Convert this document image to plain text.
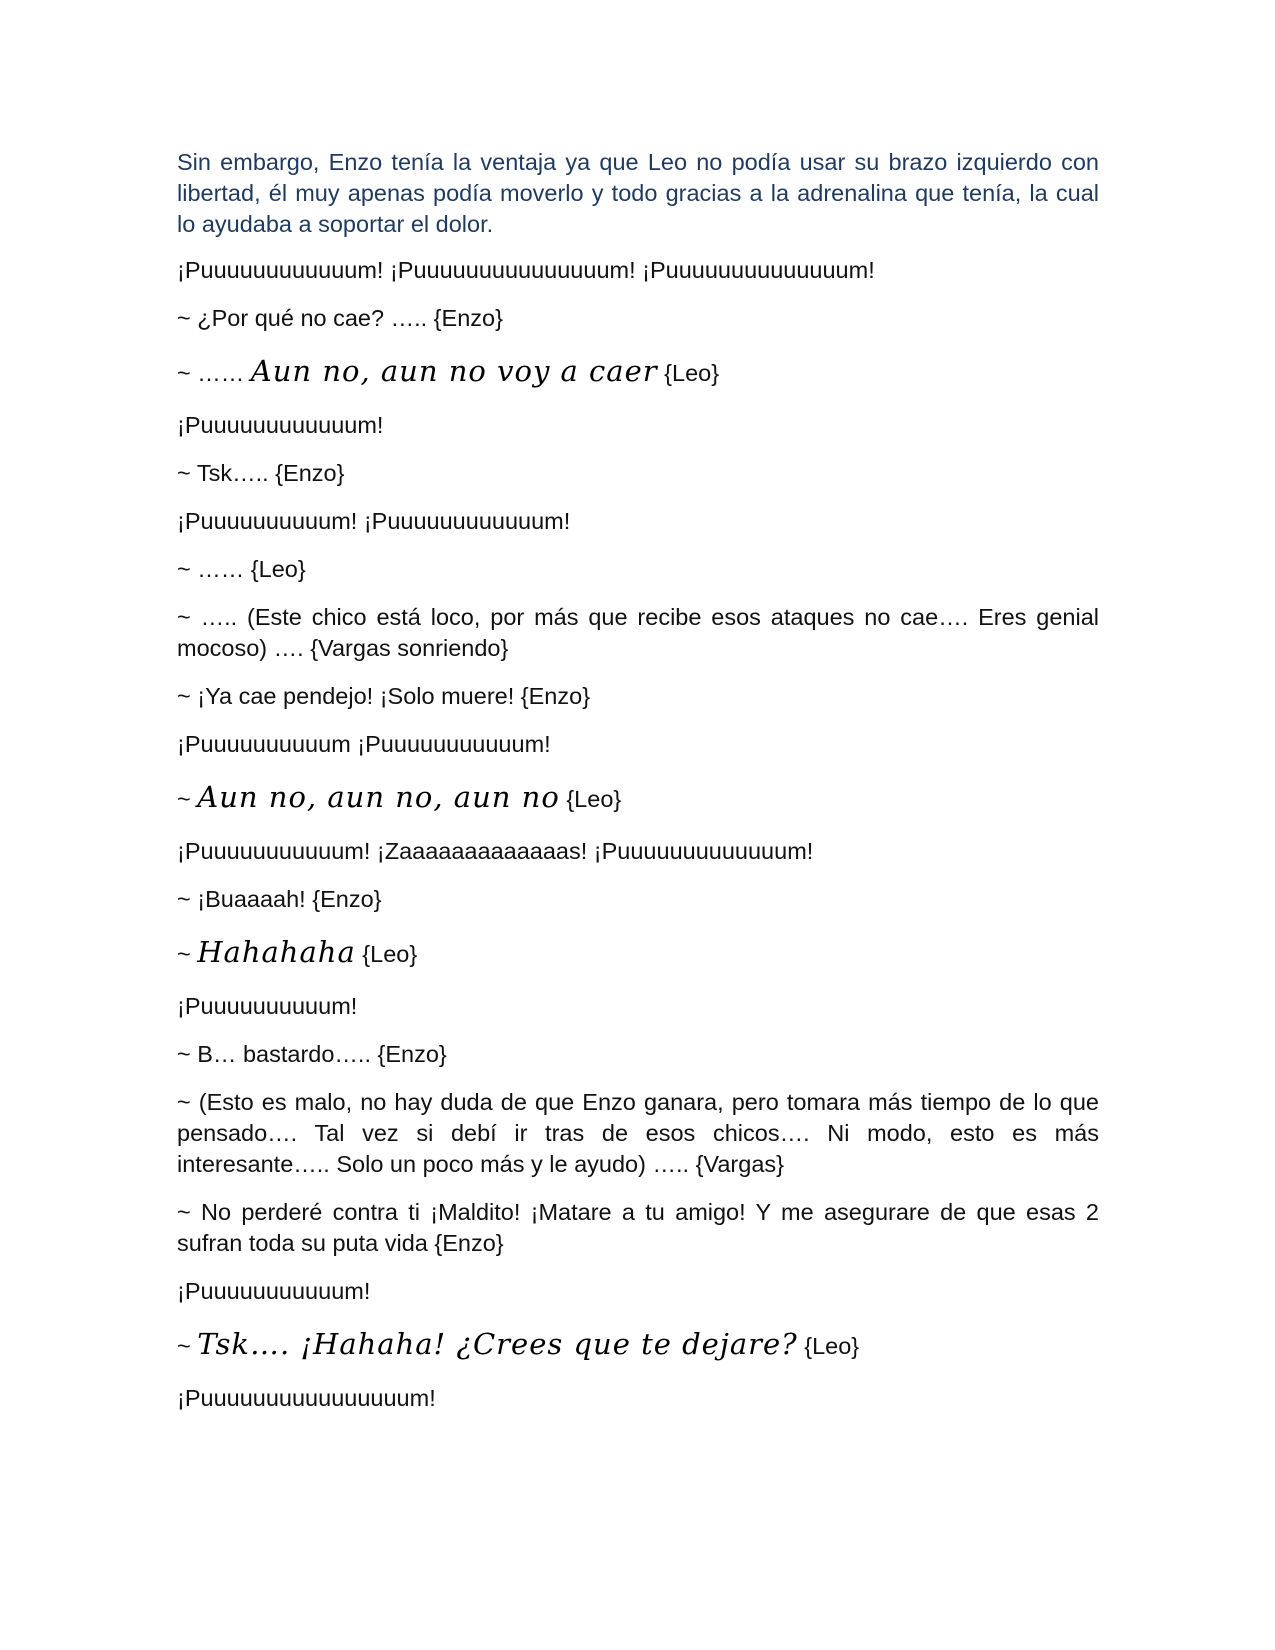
Sin embargo, Enzo tenía la ventaja ya que Leo no podía usar su brazo izquierdo con libertad, él muy apenas podía moverlo y todo gracias a la adrenalina que tenía, la cual lo ayudaba a soportar el dolor.

¡Puuuuuuuuuuuum! ¡Puuuuuuuuuuuuuuum! ¡Puuuuuuuuuuuuuum!

~ ¿Por qué no cae? ….. {Enzo}

~ …… Aun no, aun no voy a caer {Leo}

¡Puuuuuuuuuuuum!

~ Tsk….. {Enzo}

¡Puuuuuuuuuum! ¡Puuuuuuuuuuuum!

~ …… {Leo}

~ ….. (Este chico está loco, por más que recibe esos ataques no cae…. Eres genial mocoso) …. {Vargas sonriendo}

~ ¡Ya cae pendejo! ¡Solo muere! {Enzo}

¡Puuuuuuuuuum ¡Puuuuuuuuuuum!

~ Aun no, aun no, aun no {Leo}

¡Puuuuuuuuuuum! ¡Zaaaaaaaaaaaaas! ¡Puuuuuuuuuuuuum!

~ ¡Buaaaah! {Enzo}

~ Hahahaha {Leo}

¡Puuuuuuuuuum!

~ B… bastardo….. {Enzo}

~ (Esto es malo, no hay duda de que Enzo ganara, pero tomara más tiempo de lo que pensado…. Tal vez si debí ir tras de esos chicos…. Ni modo, esto es más interesante….. Solo un poco más y le ayudo) ….. {Vargas}

~ No perderé contra ti ¡Maldito! ¡Matare a tu amigo! Y me asegurare de que esas 2 sufran toda su puta vida {Enzo}

¡Puuuuuuuuuuum!

~ Tsk…. ¡Hahaha! ¿Crees que te dejare? {Leo}

¡Puuuuuuuuuuuuuuuum!
